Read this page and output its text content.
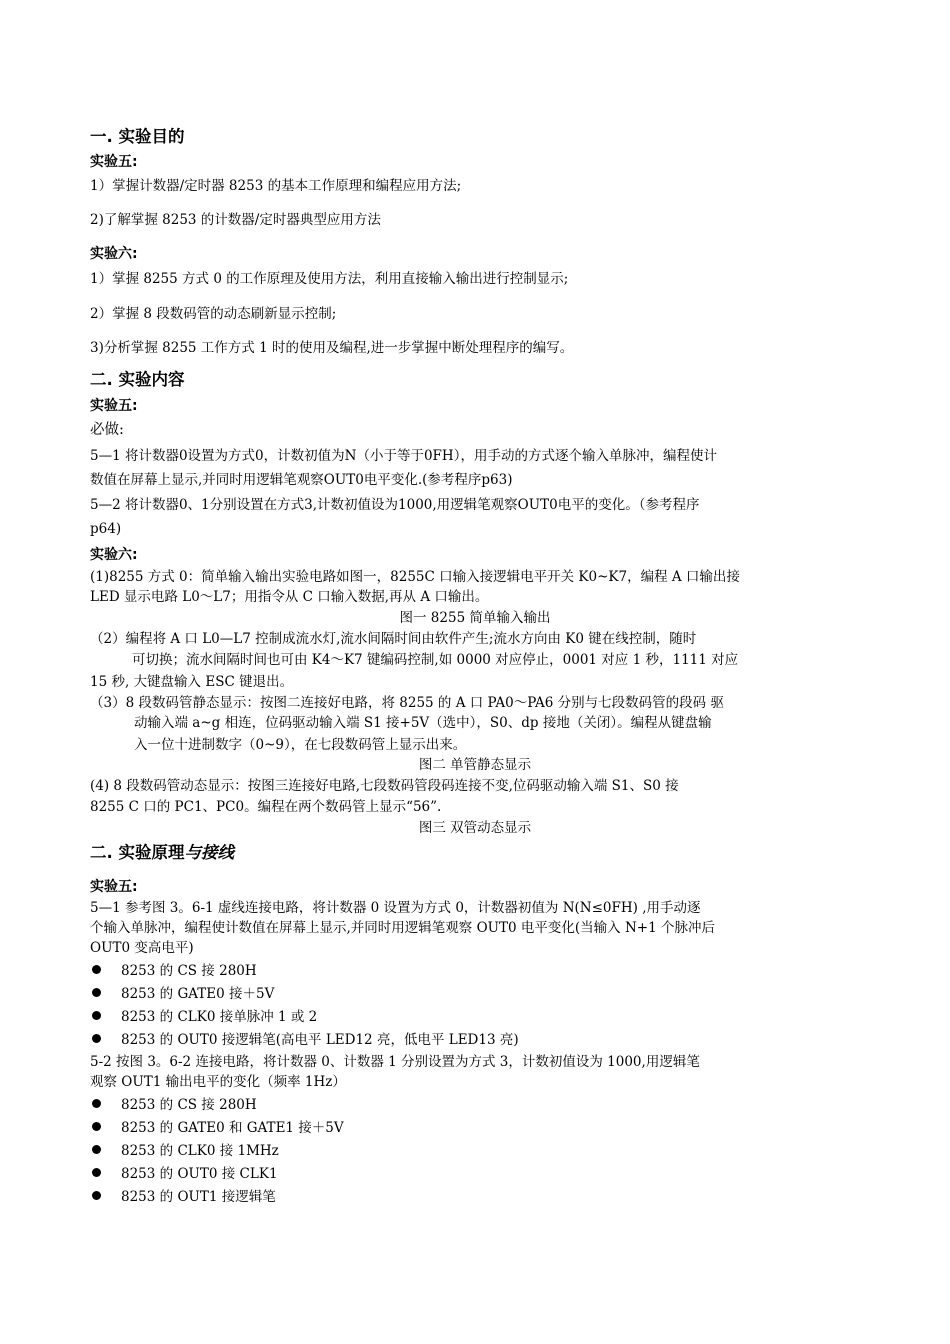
一. 实验目的
实验五:
1）掌握计数器/定时器 8253 的基本工作原理和编程应用方法;
2)了解掌握 8253 的计数器/定时器典型应用方法
实验六:
1）掌握 8255 方式 0 的工作原理及使用方法，利用直接输入输出进行控制显示;
2）掌握 8 段数码管的动态刷新显示控制;
3)分析掌握 8255 工作方式 1 时的使用及编程,进一步掌握中断处理程序的编写。
二. 实验内容
实验五:
必做:
5—1 将计数器0设置为方式0，计数初值为N（小于等于0FH），用手动的方式逐个输入单脉冲，编程使计
数值在屏幕上显示,并同时用逻辑笔观察OUT0电平变化.(参考程序p63)
5—2 将计数器0、1分别设置在方式3,计数初值设为1000,用逻辑笔观察OUT0电平的变化。（参考程序
p64)
实验六:
(1)8255 方式 0：简单输入输出实验电路如图一，8255C 口输入接逻辑电平开关 K0~K7，编程 A 口输出接
LED 显示电路 L0～L7；用指令从 C 口输入数据,再从 A 口输出。
图一 8255 简单输入输出
（2）编程将 A 口 L0—L7 控制成流水灯,流水间隔时间由软件产生;流水方向由 K0 键在线控制，随时
可切换；流水间隔时间也可由 K4～K7 键编码控制,如 0000 对应停止，0001 对应 1 秒，1111 对应
15 秒, 大键盘输入 ESC 键退出。
（3）8 段数码管静态显示：按图二连接好电路，将 8255 的 A 口 PA0～PA6 分别与七段数码管的段码 驱
动输入端 a~g 相连，位码驱动输入端 S1 接+5V（选中），S0、dp 接地（关闭）。编程从键盘输
入一位十进制数字（0~9），在七段数码管上显示出来。
图二 单管静态显示
(4) 8 段数码管动态显示：按图三连接好电路,七段数码管段码连接不变,位码驱动输入端 S1、S0 接
8255 C 口的 PC1、PC0。编程在两个数码管上显示“56”.
图三 双管动态显示
二. 实验原理与接线
实验五:
5—1 参考图 3。6-1 虚线连接电路，将计数器 0 设置为方式 0，计数器初值为 N(N≤0FH) ,用手动逐
个输入单脉冲，编程使计数值在屏幕上显示,并同时用逻辑笔观察 OUT0 电平变化(当输入 N+1 个脉冲后
OUT0 变高电平)
8253 的 CS 接 280H
8253 的 GATE0 接＋5V
8253 的 CLK0 接单脉冲 1 或 2
8253 的 OUT0 接逻辑笔(高电平 LED12 亮，低电平 LED13 亮)
5-2 按图 3。6-2 连接电路，将计数器 0、计数器 1 分别设置为方式 3，计数初值设为 1000,用逻辑笔
观察 OUT1 输出电平的变化（频率 1Hz）
8253 的 CS 接 280H
8253 的 GATE0 和 GATE1 接＋5V
8253 的 CLK0 接 1MHz
8253 的 OUT0 接 CLK1
8253 的 OUT1 接逻辑笔
